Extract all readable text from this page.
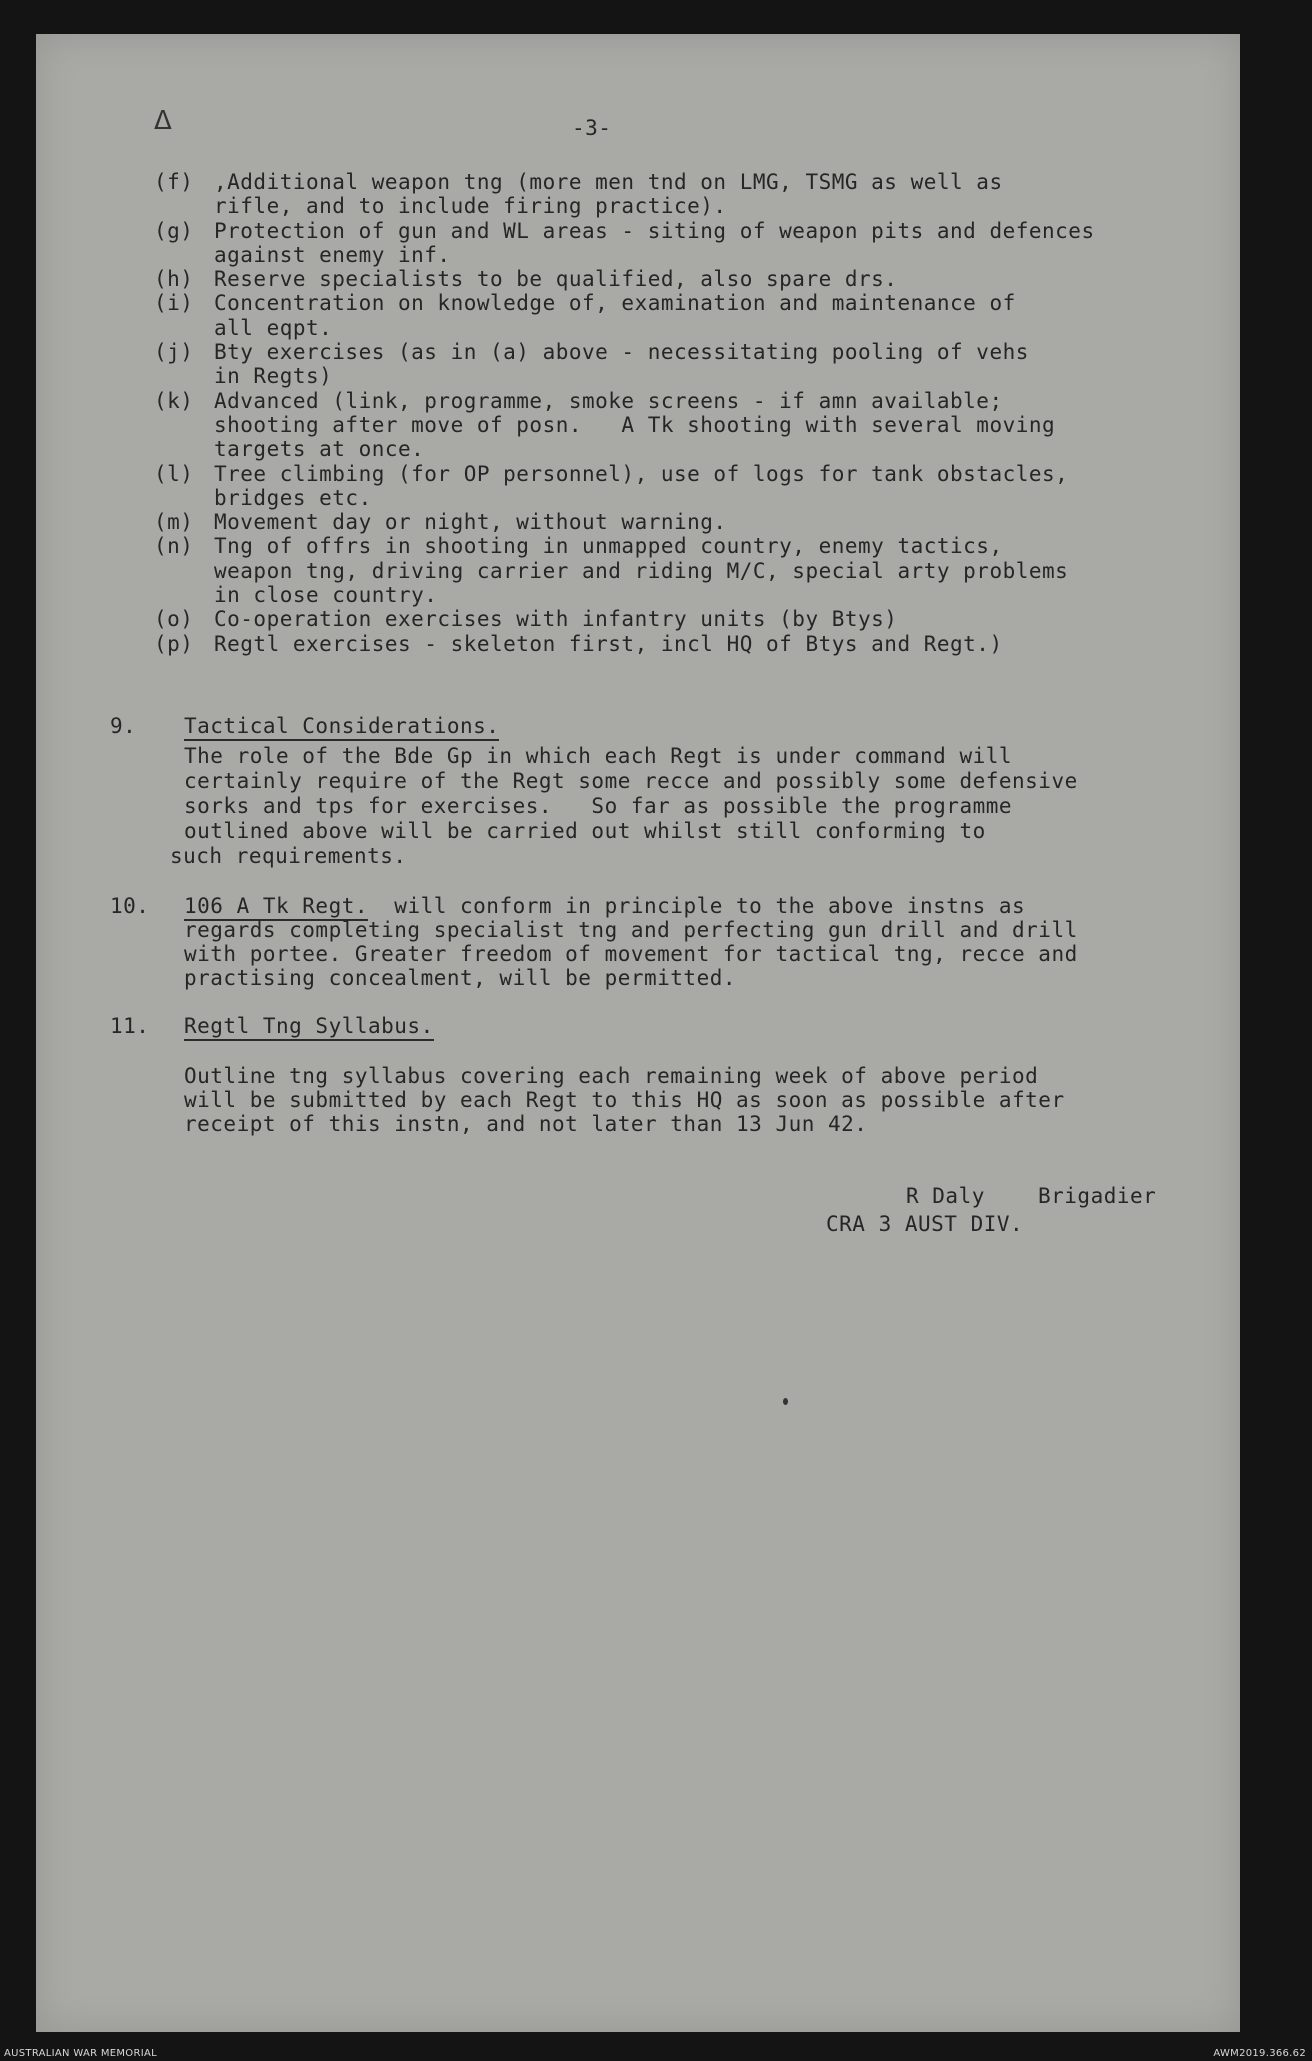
ᐃ	-3-
(f) ,Additional weapon tng (more men tnd on LMG, TSMG as well as
rifle, and to include firing practice).
(g) Protection of gun and WL areas - siting of weapon pits and defences
against enemy inf.
(h) Reserve specialists to be qualified, also spare drs.
(i) Concentration on knowledge of, examination and maintenance of
all eqpt.
(j) Bty exercises (as in (a) above - necessitating pooling of vehs
in Regts)
(k) Advanced (link, programme, smoke screens - if amn available;
shooting after move of posn.   A Tk shooting with several moving
targets at once.
(l) Tree climbing (for OP personnel), use of logs for tank obstacles,
bridges etc.
(m) Movement day or night, without warning.
(n) Tng of offrs in shooting in unmapped country, enemy tactics,
weapon tng, driving carrier and riding M/C, special arty problems
in close country.
(o) Co-operation exercises with infantry units (by Btys)
(p) Regtl exercises - skeleton first, incl HQ of Btys and Regt.)
9. Tactical Considerations.
The role of the Bde Gp in which each Regt is under command will
certainly require of the Regt some recce and possibly some defensive
sorks and tps for exercises.   So far as possible the programme
outlined above will be carried out whilst still conforming to
such requirements.
10. 106 A Tk Regt.  will conform in principle to the above instns as
regards completing specialist tng and perfecting gun drill and drill
with portee. Greater freedom of movement for tactical tng, recce and
practising concealment, will be permitted.
11. Regtl Tng Syllabus.
Outline tng syllabus covering each remaining week of above period
will be submitted by each Regt to this HQ as soon as possible after
receipt of this instn, and not later than 13 Jun 42.
R Daly	Brigadier
CRA 3 AUST DIV.
AUSTRALIAN WAR MEMORIAL	AWM2019.366.62
